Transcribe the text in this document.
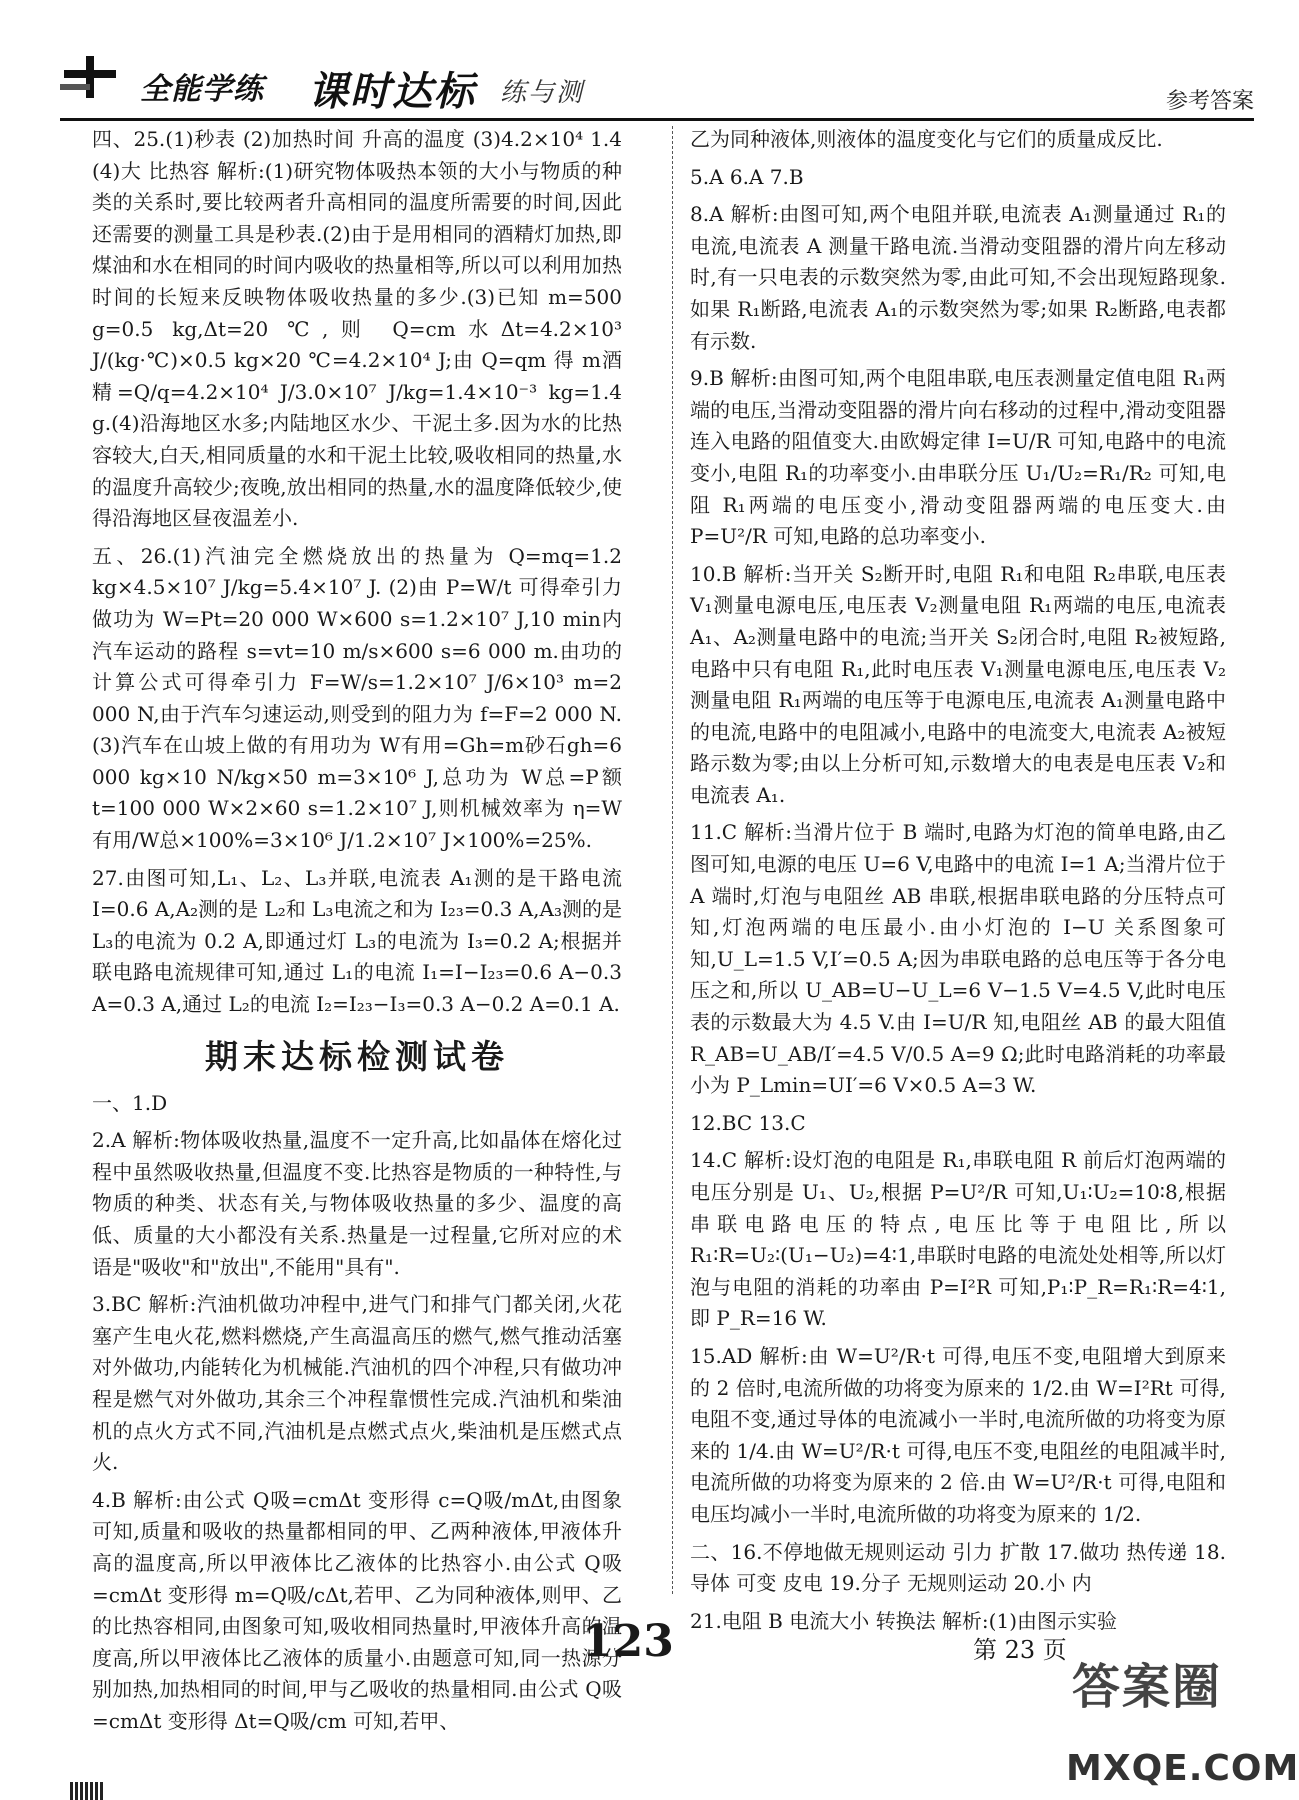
全能学练 课时达标 练与测	参考答案

四、25.(1)秒表 (2)加热时间 升高的温度 (3)4.2×10⁴ 1.4 (4)大 比热容 解析:(1)研究物体吸热本领的大小与物质的种类的关系时,要比较两者升高相同的温度所需要的时间,因此还需要的测量工具是秒表.(2)由于是用相同的酒精灯加热,即煤油和水在相同的时间内吸收的热量相等,所以可以利用加热时间的长短来反映物体吸收热量的多少.(3)已知 m=500 g=0.5 kg,Δt=20 ℃,则 Q=cm水Δt=4.2×10³ J/(kg·℃)×0.5 kg×20 ℃=4.2×10⁴ J;由 Q=qm 得 m酒精=Q/q=4.2×10⁴ J/3.0×10⁷ J/kg=1.4×10⁻³ kg=1.4 g.(4)沿海地区水多;内陆地区水少、干泥土多.因为水的比热容较大,白天,相同质量的水和干泥土比较,吸收相同的热量,水的温度升高较少;夜晚,放出相同的热量,水的温度降低较少,使得沿海地区昼夜温差小.

五、26.(1)汽油完全燃烧放出的热量为 Q=mq=1.2 kg×4.5×10⁷ J/kg=5.4×10⁷ J. (2)由 P=W/t 可得牵引力做功为 W=Pt=20 000 W×600 s=1.2×10⁷ J,10 min内汽车运动的路程 s=vt=10 m/s×600 s=6 000 m.由功的计算公式可得牵引力 F=W/s=1.2×10⁷ J/6×10³ m=2 000 N,由于汽车匀速运动,则受到的阻力为 f=F=2 000 N. (3)汽车在山坡上做的有用功为 W有用=Gh=m砂石gh=6 000 kg×10 N/kg×50 m=3×10⁶ J,总功为 W总=P额t=100 000 W×2×60 s=1.2×10⁷ J,则机械效率为 η=W有用/W总×100%=3×10⁶ J/1.2×10⁷ J×100%=25%.

27.由图可知,L₁、L₂、L₃并联,电流表 A₁测的是干路电流 I=0.6 A,A₂测的是 L₂和 L₃电流之和为 I₂₃=0.3 A,A₃测的是 L₃的电流为 0.2 A,即通过灯 L₃的电流为 I₃=0.2 A;根据并联电路电流规律可知,通过 L₁的电流 I₁=I−I₂₃=0.6 A−0.3 A=0.3 A,通过 L₂的电流 I₂=I₂₃−I₃=0.3 A−0.2 A=0.1 A.

期末达标检测试卷

一、1.D

2.A 解析:物体吸收热量,温度不一定升高,比如晶体在熔化过程中虽然吸收热量,但温度不变.比热容是物质的一种特性,与物质的种类、状态有关,与物体吸收热量的多少、温度的高低、质量的大小都没有关系.热量是一过程量,它所对应的术语是"吸收"和"放出",不能用"具有".

3.BC 解析:汽油机做功冲程中,进气门和排气门都关闭,火花塞产生电火花,燃料燃烧,产生高温高压的燃气,燃气推动活塞对外做功,内能转化为机械能.汽油机的四个冲程,只有做功冲程是燃气对外做功,其余三个冲程靠惯性完成.汽油机和柴油机的点火方式不同,汽油机是点燃式点火,柴油机是压燃式点火.

4.B 解析:由公式 Q吸=cmΔt 变形得 c=Q吸/mΔt,由图象可知,质量和吸收的热量都相同的甲、乙两种液体,甲液体升高的温度高,所以甲液体比乙液体的比热容小.由公式 Q吸=cmΔt 变形得 m=Q吸/cΔt,若甲、乙为同种液体,则甲、乙的比热容相同,由图象可知,吸收相同热量时,甲液体升高的温度高,所以甲液体比乙液体的质量小.由题意可知,同一热源分别加热,加热相同的时间,甲与乙吸收的热量相同.由公式 Q吸=cmΔt 变形得 Δt=Q吸/cm 可知,若甲、

乙为同种液体,则液体的温度变化与它们的质量成反比.

5.A 6.A 7.B

8.A 解析:由图可知,两个电阻并联,电流表 A₁测量通过 R₁的电流,电流表 A 测量干路电流.当滑动变阻器的滑片向左移动时,有一只电表的示数突然为零,由此可知,不会出现短路现象.如果 R₁断路,电流表 A₁的示数突然为零;如果 R₂断路,电表都有示数.

9.B 解析:由图可知,两个电阻串联,电压表测量定值电阻 R₁两端的电压,当滑动变阻器的滑片向右移动的过程中,滑动变阻器连入电路的阻值变大.由欧姆定律 I=U/R 可知,电路中的电流变小,电阻 R₁的功率变小.由串联分压 U₁/U₂=R₁/R₂ 可知,电阻 R₁两端的电压变小,滑动变阻器两端的电压变大.由 P=U²/R 可知,电路的总功率变小.

10.B 解析:当开关 S₂断开时,电阻 R₁和电阻 R₂串联,电压表 V₁测量电源电压,电压表 V₂测量电阻 R₁两端的电压,电流表 A₁、A₂测量电路中的电流;当开关 S₂闭合时,电阻 R₂被短路,电路中只有电阻 R₁,此时电压表 V₁测量电源电压,电压表 V₂测量电阻 R₁两端的电压等于电源电压,电流表 A₁测量电路中的电流,电路中的电阻减小,电路中的电流变大,电流表 A₂被短路示数为零;由以上分析可知,示数增大的电表是电压表 V₂和电流表 A₁.

11.C 解析:当滑片位于 B 端时,电路为灯泡的简单电路,由乙图可知,电源的电压 U=6 V,电路中的电流 I=1 A;当滑片位于 A 端时,灯泡与电阻丝 AB 串联,根据串联电路的分压特点可知,灯泡两端的电压最小.由小灯泡的 I−U 关系图象可知,U_L=1.5 V,I′=0.5 A;因为串联电路的总电压等于各分电压之和,所以 U_AB=U−U_L=6 V−1.5 V=4.5 V,此时电压表的示数最大为 4.5 V.由 I=U/R 知,电阻丝 AB 的最大阻值 R_AB=U_AB/I′=4.5 V/0.5 A=9 Ω;此时电路消耗的功率最小为 P_Lmin=UI′=6 V×0.5 A=3 W.

12.BC 13.C

14.C 解析:设灯泡的电阻是 R₁,串联电阻 R 前后灯泡两端的电压分别是 U₁、U₂,根据 P=U²/R 可知,U₁∶U₂=10∶8,根据串联电路电压的特点,电压比等于电阻比,所以 R₁∶R=U₂∶(U₁−U₂)=4∶1,串联时电路的电流处处相等,所以灯泡与电阻的消耗的功率由 P=I²R 可知,P₁∶P_R=R₁∶R=4∶1,即 P_R=16 W.

15.AD 解析:由 W=U²/R·t 可得,电压不变,电阻增大到原来的 2 倍时,电流所做的功将变为原来的 1/2.由 W=I²Rt 可得,电阻不变,通过导体的电流减小一半时,电流所做的功将变为原来的 1/4.由 W=U²/R·t 可得,电压不变,电阻丝的电阻减半时,电流所做的功将变为原来的 2 倍.由 W=U²/R·t 可得,电阻和电压均减小一半时,电流所做的功将变为原来的 1/2.

二、16.不停地做无规则运动 引力 扩散 17.做功 热传递 18.导体 可变 皮电 19.分子 无规则运动 20.小 内

21.电阻 B 电流大小 转换法 解析:(1)由图示实验

123	第 23 页
答案圈
MXQE.COM
